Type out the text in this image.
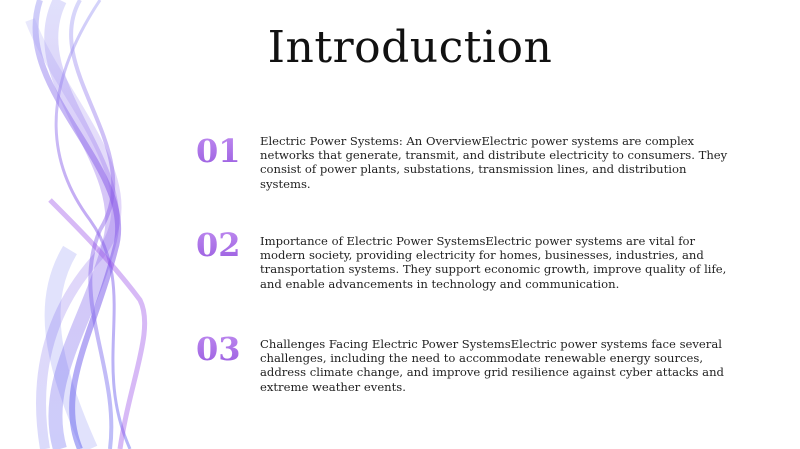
Introduction
01	Electric Power Systems: An OverviewElectric power systems are complex networks that generate, transmit, and distribute electricity to consumers. They consist of power plants, substations, transmission lines, and distribution systems.
02	Importance of Electric Power SystemsElectric power systems are vital for modern society, providing electricity for homes, businesses, industries, and transportation systems. They support economic growth, improve quality of life, and enable advancements in technology and communication.
03	Challenges Facing Electric Power SystemsElectric power systems face several challenges, including the need to accommodate renewable energy sources, address climate change, and improve grid resilience against cyber attacks and extreme weather events.
